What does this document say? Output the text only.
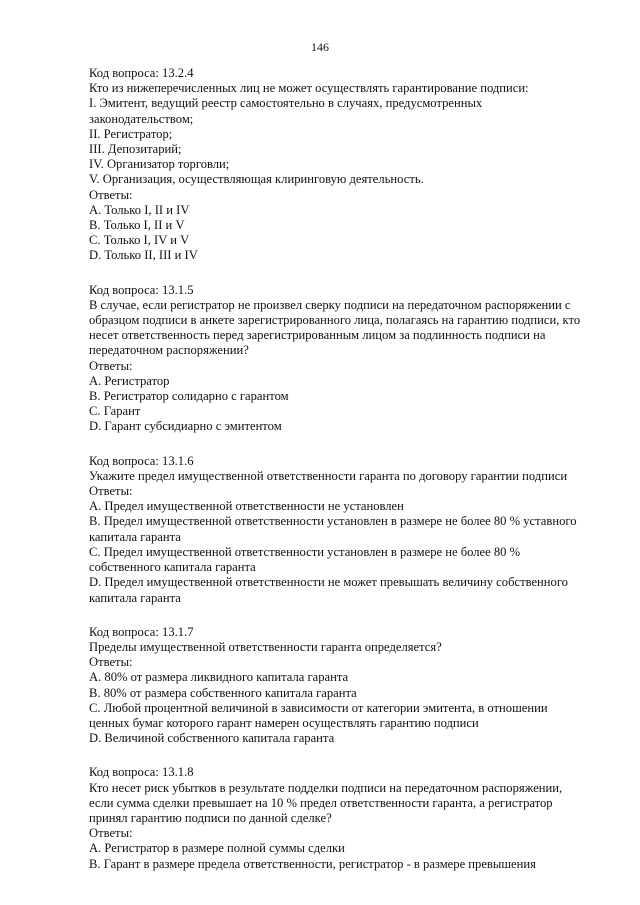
146
Код вопроса: 13.2.4
Кто из нижеперечисленных лиц не может осуществлять гарантирование подписи:
I. Эмитент, ведущий реестр самостоятельно в случаях, предусмотренных законодательством;
II. Регистратор;
III. Депозитарий;
IV. Организатор торговли;
V. Организация, осуществляющая клиринговую деятельность.
Ответы:
A. Только I, II и IV
B. Только I, II и V
C. Только I, IV и V
D. Только II, III и IV
Код вопроса: 13.1.5
В случае, если регистратор не произвел сверку подписи на передаточном распоряжении с образцом подписи в анкете зарегистрированного лица, полагаясь на гарантию подписи, кто несет ответственность перед зарегистрированным лицом за подлинность подписи на передаточном распоряжении?
Ответы:
A. Регистратор
B. Регистратор солидарно с гарантом
C. Гарант
D. Гарант субсидиарно с эмитентом
Код вопроса: 13.1.6
Укажите предел имущественной ответственности гаранта по договору гарантии подписи
Ответы:
A. Предел имущественной ответственности не установлен
B. Предел имущественной ответственности установлен в размере не более 80 % уставного капитала гаранта
C. Предел имущественной ответственности установлен в размере не более 80 % собственного капитала гаранта
D. Предел имущественной ответственности не может превышать величину собственного капитала гаранта
Код вопроса: 13.1.7
Пределы имущественной ответственности гаранта определяется?
Ответы:
A. 80% от размера ликвидного капитала гаранта
B. 80% от размера собственного капитала гаранта
C. Любой процентной величиной в зависимости от категории эмитента, в отношении ценных бумаг которого гарант намерен осуществлять гарантию подписи
D. Величиной собственного капитала гаранта
Код вопроса: 13.1.8
Кто несет риск убытков в результате подделки подписи на передаточном распоряжении, если сумма сделки превышает на 10 % предел ответственности гаранта, а регистратор принял гарантию подписи по данной сделке?
Ответы:
A. Регистратор в размере полной суммы сделки
B. Гарант в размере предела ответственности, регистратор - в размере превышения
